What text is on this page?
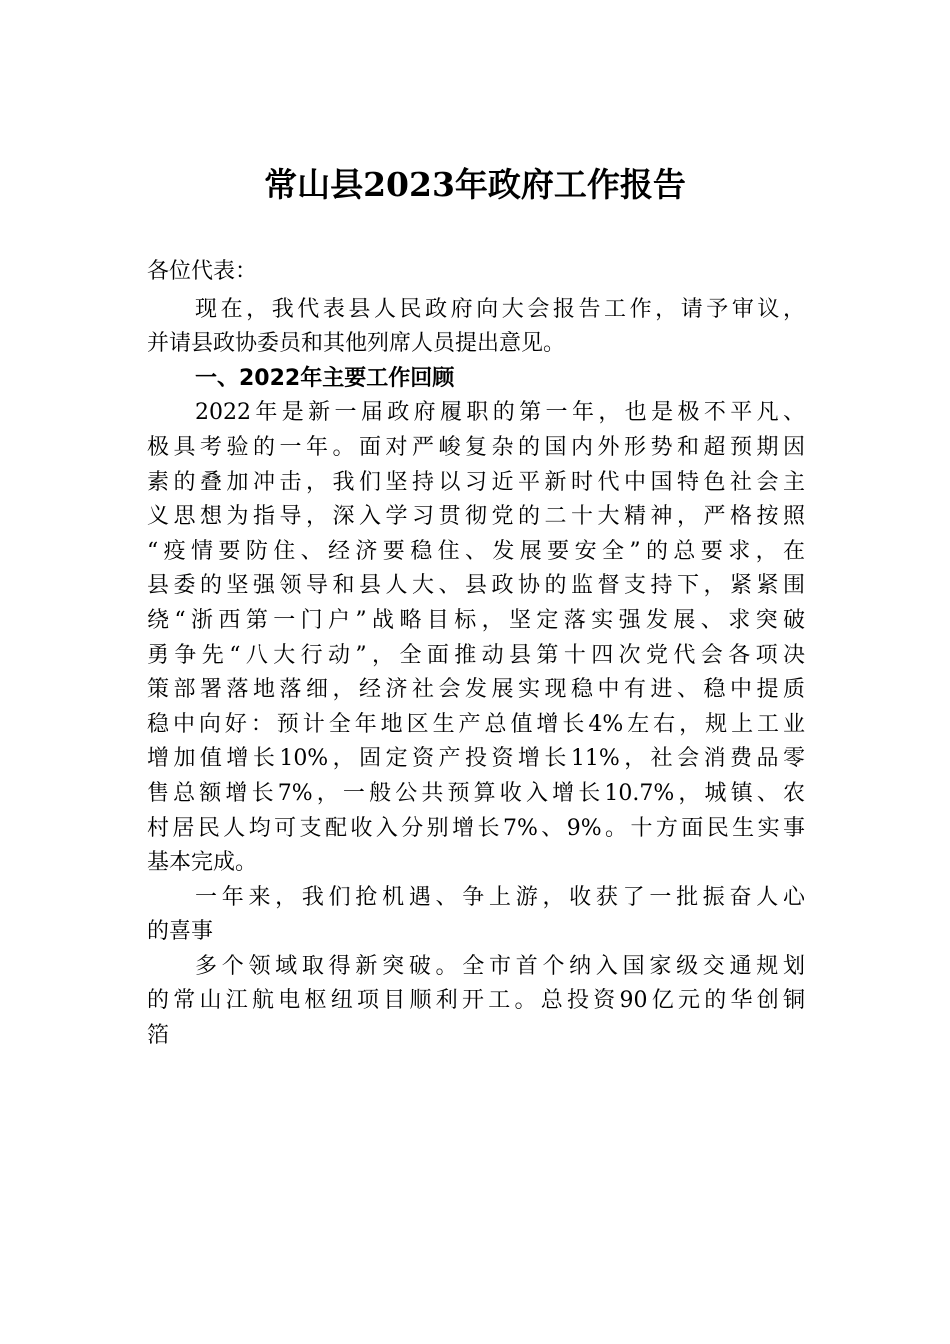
常山县2023年政府工作报告
各位代表：
现在，我代表县人民政府向大会报告工作，请予审议，
并请县政协委员和其他列席人员提出意见。
一、2022年主要工作回顾
2022年是新一届政府履职的第一年，也是极不平凡、
极具考验的一年。面对严峻复杂的国内外形势和超预期因
素的叠加冲击，我们坚持以习近平新时代中国特色社会主
义思想为指导，深入学习贯彻党的二十大精神，严格按照
“疫情要防住、经济要稳住、发展要安全”的总要求，在
县委的坚强领导和县人大、县政协的监督支持下，紧紧围
绕“浙西第一门户”战略目标，坚定落实强发展、求突破
勇争先“八大行动”，全面推动县第十四次党代会各项决
策部署落地落细，经济社会发展实现稳中有进、稳中提质
稳中向好：预计全年地区生产总值增长4%左右，规上工业
增加值增长10%，固定资产投资增长11%，社会消费品零
售总额增长7%，一般公共预算收入增长10.7%，城镇、农
村居民人均可支配收入分别增长7%、9%。十方面民生实事
基本完成。
一年来，我们抢机遇、争上游，收获了一批振奋人心
的喜事
多个领域取得新突破。全市首个纳入国家级交通规划
的常山江航电枢纽项目顺利开工。总投资90亿元的华创铜
箔
